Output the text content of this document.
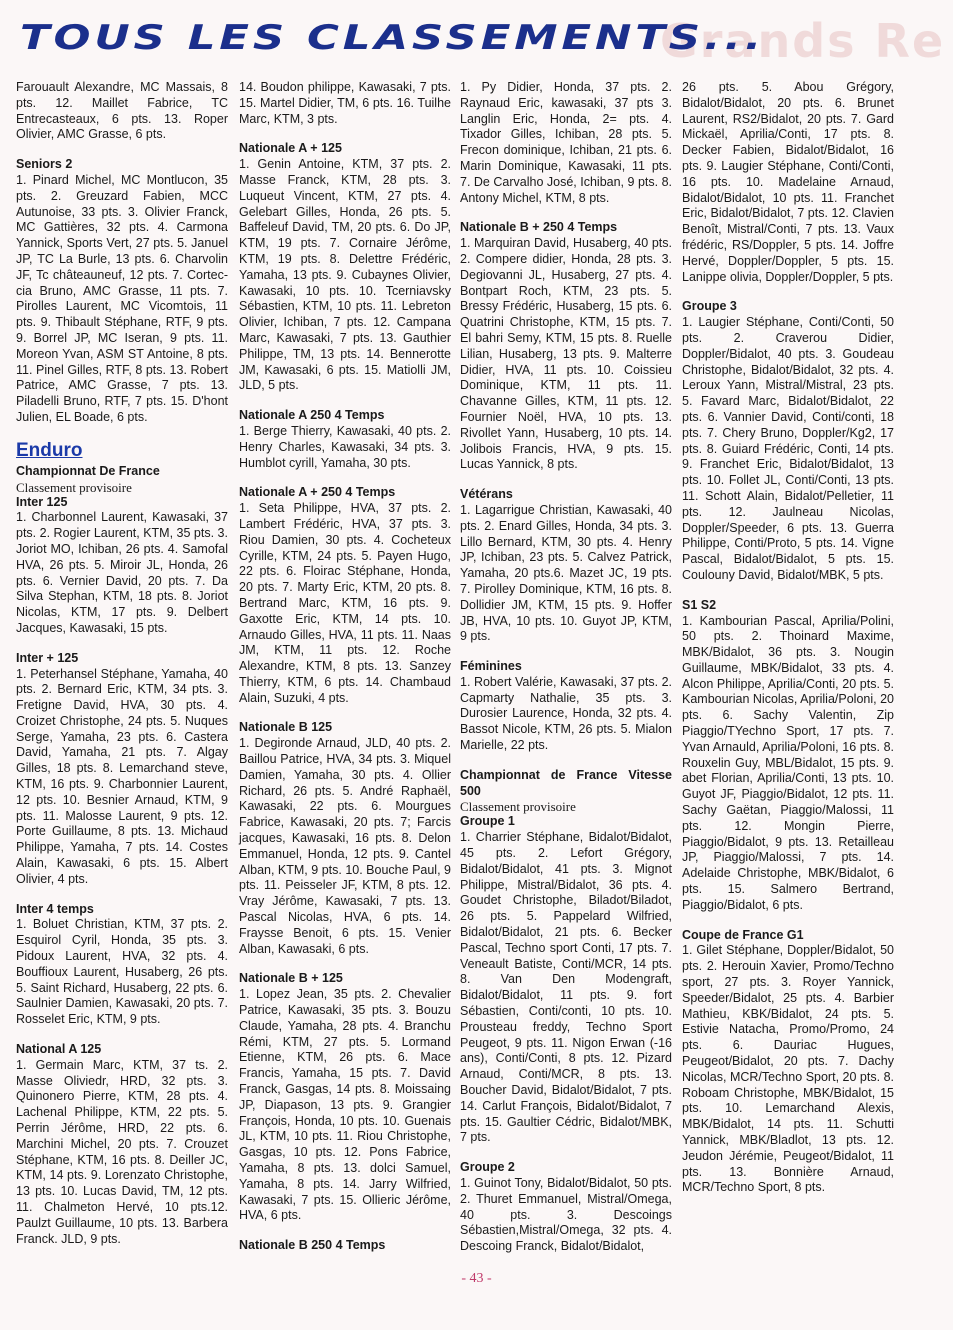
Grands Re
TOUS LES CLASSEMENTS...

Farouault Alexandre, MC Massais, 8 pts. 12. Maillet Fabrice, TC Entrecasteaux, 6 pts. 13. Roper Olivier, AMC Grasse, 6 pts.

Seniors 2

1. Pinard Michel, MC Montlucon, 35 pts. 2. Greuzard Fabien, MCC Autunoise, 33 pts. 3. Olivier Franck, MC Gattières, 32 pts. 4. Carmona Yannick, Sports Vert, 27 pts. 5. Januel JP, TC La Burle, 13 pts. 6. Charvolin JF, Tc châteauneuf, 12 pts. 7. Corteccia Bruno, AMC Grasse, 11 pts. 7. Pirolles Laurent, MC Vicomtois, 11 pts. 9. Thibault Stéphane, RTF, 9 pts. 9. Borrel JP, MC Iseran, 9 pts. 11. Moreon Yvan, ASM ST Antoine, 8 pts. 11. Pinel Gilles, RTF, 8 pts. 13. Robert Patrice, AMC Grasse, 7 pts. 13. Piladelli Bruno, RTF, 7 pts. 15. D'hont Julien, EL Boade, 6 pts.

Enduro
Championnat De France
Classement provisoire
Inter 125

1. Charbonnel Laurent, Kawasaki, 37 pts. 2. Rogier Laurent, KTM, 35 pts. 3. Joriot MO, Ichiban, 26 pts. 4. Samofal HVA, 26 pts. 5. Miroir JL, Honda, 26 pts. 6. Vernier David, 20 pts. 7. Da Silva Stephan, KTM, 18 pts. 8. Joriot Nicolas, KTM, 17 pts. 9. Delbert Jacques, Kawasaki, 15 pts.

Inter + 125

1. Peterhansel Stéphane, Yamaha, 40 pts. 2. Bernard Eric, KTM, 34 pts. 3. Fretigne David, HVA, 30 pts. 4. Croizet Christophe, 24 pts. 5. Nuques Serge, Yamaha, 23 pts. 6. Castera David, Yamaha, 21 pts. 7. Algay Gilles, 18 pts. 8. Lemarchand steve, KTM, 16 pts. 9. Charbonnier Laurent, 12 pts. 10. Besnier Arnaud, KTM, 9 pts. 11. Malosse Laurent, 9 pts. 12. Porte Guillaume, 8 pts. 13. Michaud Philippe, Yamaha, 7 pts. 14. Costes Alain, Kawasaki, 6 pts. 15. Albert Olivier, 4 pts.

Inter 4 temps

1. Boluet Christian, KTM, 37 pts. 2. Esquirol Cyril, Honda, 35 pts. 3. Pidoux Laurent, HVA, 32 pts. 4. Bouffioux Laurent, Husaberg, 26 pts. 5. Saint Richard, Husaberg, 22 pts. 6. Saulnier Damien, Kawasaki, 20 pts. 7. Rosselet Eric, KTM, 9 pts.

National A 125

1. Germain Marc, KTM, 37 ts. 2. Masse Oliviedr, HRD, 32 pts. 3. Quinonero Pierre, KTM, 28 pts. 4. Lachenal Philippe, KTM, 22 pts. 5. Perrin Jérôme, HRD, 22 pts. 6. Marchini Michel, 20 pts. 7. Crouzet Stéphane, KTM, 16 pts. 8. Deiller JC, KTM, 14 pts. 9. Lorenzato Christophe, 13 pts. 10. Lucas David, TM, 12 pts. 11. Chalmeton Hervé, 10 pts.12. Paulzt Guillaume, 10 pts. 13. Barbera Franck. JLD, 9 pts.

14. Boudon philippe, Kawasaki, 7 pts. 15. Martel Didier, TM, 6 pts. 16. Tuilhe Marc, KTM, 3 pts.

Nationale A + 125

1. Genin Antoine, KTM, 37 pts. 2. Masse Franck, KTM, 28 pts. 3. Luqueut Vincent, KTM, 27 pts. 4. Gelebart Gilles, Honda, 26 pts. 5. Baffeleuf David, TM, 20 pts. 6. Do JP, KTM, 19 pts. 7. Cornaire Jérôme, KTM, 19 pts. 8. Delettre Frédéric, Yamaha, 13 pts. 9. Cubaynes Olivier, Kawasaki, 10 pts. 10. Tcerniavsky Sébastien, KTM, 10 pts. 11. Lebreton Olivier, Ichiban, 7 pts. 12. Campana Marc, Kawasaki, 7 pts. 13. Gauthier Philippe, TM, 13 pts. 14. Bennerotte JM, Kawasaki, 6 pts. 15. Matiolli JM, JLD, 5 pts.

Nationale A 250 4 Temps

1. Berge Thierry, Kawasaki, 40 pts. 2. Henry Charles, Kawasaki, 34 pts. 3. Humblot cyrill, Yamaha, 30 pts.

Nationale A + 250 4 Temps

1. Seta Philippe, HVA, 37 pts. 2. Lambert Frédéric, HVA, 37 pts. 3. Riou Damien, 30 pts. 4. Cocheteux Cyrille, KTM, 24 pts. 5. Payen Hugo, 22 pts. 6. Floirac Stéphane, Honda, 20 pts. 7. Marty Eric, KTM, 20 pts. 8. Bertrand Marc, KTM, 16 pts. 9. Gaxotte Eric, KTM, 14 pts. 10. Arnaudo Gilles, HVA, 11 pts. 11. Naas JM, KTM, 11 pts. 12. Roche Alexandre, KTM, 8 pts. 13. Sanzey Thierry, KTM, 6 pts. 14. Chambaud Alain, Suzuki, 4 pts.

Nationale B 125

1. Degironde Arnaud, JLD, 40 pts. 2. Baillou Patrice, HVA, 34 pts. 3. Miquel Damien, Yamaha, 30 pts. 4. Ollier Richard, 26 pts. 5. André Raphaël, Kawasaki, 22 pts. 6. Mourgues Fabrice, Kawasaki, 20 pts. 7; Farcis jacques, Kawasaki, 16 pts. 8. Delon Emmanuel, Honda, 12 pts. 9. Cantel Alban, KTM, 9 pts. 10. Bouche Paul, 9 pts. 11. Peisseler JF, KTM, 8 pts. 12. Vray Jérôme, Kawasaki, 7 pts. 13. Pascal Nicolas, HVA, 6 pts. 14. Fraysse Benoit, 6 pts. 15. Venier Alban, Kawasaki, 6 pts.

Nationale B + 125

1. Lopez Jean, 35 pts. 2. Chevalier Patrice, Kawasaki, 35 pts. 3. Bouzu Claude, Yamaha, 28 pts. 4. Branchu Rémi, KTM, 27 pts. 5. Lormand Etienne, KTM, 26 pts. 6. Mace Francis, Yamaha, 15 pts. 7. David Franck, Gasgas, 14 pts. 8. Moissaing JP, Diapason, 13 pts. 9. Grangier François, Honda, 10 pts. 10. Guenais JL, KTM, 10 pts. 11. Riou Christophe, Gasgas, 10 pts. 12. Pons Fabrice, Yamaha, 8 pts. 13. dolci Samuel, Yamaha, 8 pts. 14. Jarry Wilfried, Kawasaki, 7 pts. 15. Ollieric Jérôme, HVA, 6 pts.

Nationale B 250 4 Temps

1. Py Didier, Honda, 37 pts. 2. Raynaud Eric, kawasaki, 37 pts 3. Langlin Eric, Honda, 2= pts. 4. Tixador Gilles, Ichiban, 28 pts. 5. Frecon dominique, Ichiban, 21 pts. 6. Marin Dominique, Kawasaki, 11 pts. 7. De Carvalho José, Ichiban, 9 pts. 8. Antony Michel, KTM, 8 pts.

Nationale B + 250 4 Temps

1. Marquiran David, Husaberg, 40 pts. 2. Compere didier, Honda, 28 pts. 3. Degiovanni JL, Husaberg, 27 pts. 4. Bontpart Roch, KTM, 23 pts. 5. Bressy Frédéric, Husaberg, 15 pts. 6. Quatrini Christophe, KTM, 15 pts. 7. El bahri Semy, KTM, 15 pts. 8. Ruelle Lilian, Husaberg, 13 pts. 9. Malterre Didier, HVA, 11 pts. 10. Coissieu Dominique, KTM, 11 pts. 11. Chavanne Gilles, KTM, 11 pts. 12. Fournier Noël, HVA, 10 pts. 13. Rivollet Yann, Husaberg, 10 pts. 14. Jolibois Francis, HVA, 9 pts. 15. Lucas Yannick, 8 pts.

Vétérans

1. Lagarrigue Christian, Kawasaki, 40 pts. 2. Enard Gilles, Honda, 34 pts. 3. Lillo Bernard, KTM, 30 pts. 4. Henry JP, Ichiban, 23 pts. 5. Calvez Patrick, Yamaha, 20 pts.6. Mazet JC, 19 pts. 7. Pirolley Dominique, KTM, 16 pts. 8. Dollidier JM, KTM, 15 pts. 9. Hoffer JB, HVA, 10 pts. 10. Guyot JP, KTM, 9 pts.

Féminines

1. Robert Valérie, Kawasaki, 37 pts. 2. Capmarty Nathalie, 35 pts. 3. Durosier Laurence, Honda, 32 pts. 4. Bassot Nicole, KTM, 26 pts. 5. Mialon Marielle, 22 pts.

Championnat de France Vitesse 500
Classement provisoire
Groupe 1

1. Charrier Stéphane, Bidalot/Bidalot, 45 pts. 2. Lefort Grégory, Bidalot/Bidalot, 41 pts. 3. Mignot Philippe, Mistral/Bidalot, 36 pts. 4. Goudet Christophe, Biladot/Biladot, 26 pts. 5. Pappelard Wilfried, Bidalot/Bidalot, 21 pts. 6. Becker Pascal, Techno sport Conti, 17 pts. 7. Veneault Batiste, Conti/MCR, 14 pts. 8. Van Den Modengraft, Bidalot/Bidalot, 11 pts. 9. fort Sébastien, Conti/conti, 10 pts. 10. Prousteau freddy, Techno Sport Peugeot, 9 pts. 11. Nigon Erwan (-16 ans), Conti/Conti, 8 pts. 12. Pizard Arnaud, Conti/MCR, 8 pts. 13. Boucher David, Bidalot/Bidalot, 7 pts. 14. Carlut François, Bidalot/Bidalot, 7 pts. 15. Gaultier Cédric, Bidalot/MBK, 7 pts.

Groupe 2

1. Guinot Tony, Bidalot/Bidalot, 50 pts. 2. Thuret Emmanuel, Mistral/Omega, 40 pts. 3. Descoings Sébastien,Mistral/Omega, 32 pts. 4. Descoing Franck, Bidalot/Bidalot,

26 pts. 5. Abou Grégory, Bidalot/Bidalot, 20 pts. 6. Brunet Laurent, RS2/Bidalot, 20 pts. 7. Gard Mickaël, Aprilia/Conti, 17 pts. 8. Decker Fabien, Bidalot/Bidalot, 16 pts. 9. Laugier Stéphane, Conti/Conti, 16 pts. 10. Madelaine Arnaud, Bidalot/Bidalot, 10 pts. 11. Franchet Eric, Bidalot/Bidalot, 7 pts. 12. Clavien Benoît, Mistral/Conti, 7 pts. 13. Vaux frédéric, RS/Doppler, 5 pts. 14. Joffre Hervé, Doppler/Doppler, 5 pts. 15. Lanippe olivia, Doppler/Doppler, 5 pts.

Groupe 3

1. Laugier Stéphane, Conti/Conti, 50 pts. 2. Craverou Didier, Doppler/Bidalot, 40 pts. 3. Goudeau Christophe, Bidalot/Bidalot, 32 pts. 4. Leroux Yann, Mistral/Mistral, 23 pts. 5. Favard Marc, Bidalot/Bidalot, 22 pts. 6. Vannier David, Conti/conti, 18 pts. 7. Chery Bruno, Doppler/Kg2, 17 pts. 8. Guiard Frédéric, Conti, 14 pts. 9. Franchet Eric, Bidalot/Bidalot, 13 pts. 10. Follet JL, Conti/Conti, 13 pts. 11. Schott Alain, Bidalot/Pelletier, 11 pts. 12. Jaulneau Nicolas, Doppler/Speeder, 6 pts. 13. Guerra Philippe, Conti/Proto, 5 pts. 14. Vigne Pascal, Bidalot/Bidalot, 5 pts. 15. Coulouny David, Bidalot/MBK, 5 pts.

S1 S2

1. Kambourian Pascal, Aprilia/Polini, 50 pts. 2. Thoinard Maxime, MBK/Bidalot, 36 pts. 3. Nougin Guillaume, MBK/Bidalot, 33 pts. 4. Alcon Philippe, Aprilia/Conti, 20 pts. 5. Kambourian Nicolas, Aprilia/Poloni, 20 pts. 6. Sachy Valentin, Zip Piaggio/TYechno Sport, 17 pts. 7. Yvan Arnauld, Aprilia/Poloni, 16 pts. 8. Rouxelin Guy, MBL/Bidalot, 15 pts. 9. abet Florian, Aprilia/Conti, 13 pts. 10. Guyot JF, Piaggio/Bidalot, 12 pts. 11. Sachy Gaëtan, Piaggio/Malossi, 11 pts. 12. Mongin Pierre, Piaggio/Bidalot, 9 pts. 13. Retailleau JP, Piaggio/Malossi, 7 pts. 14. Adelaide Christophe, MBK/Bidalot, 6 pts. 15. Salmero Bertrand, Piaggio/Bidalot, 6 pts.

Coupe de France G1

1. Gilet Stéphane, Doppler/Bidalot, 50 pts. 2. Herouin Xavier, Promo/Techno sport, 27 pts. 3. Royer Yannick, Speeder/Bidalot, 25 pts. 4. Barbier Mathieu, KBK/Bidalot, 24 pts. 5. Estivie Natacha, Promo/Promo, 24 pts. 6. Dauriac Hugues, Peugeot/Bidalot, 20 pts. 7. Dachy Nicolas, MCR/Techno Sport, 20 pts. 8. Roboam Christophe, MBK/Bidalot, 15 pts. 10. Lemarchand Alexis, MBK/Bidalot, 14 pts. 11. Schutti Yannick, MBK/Bladlot, 13 pts. 12. Jeudon Jérémie, Peugeot/Bidalot, 11 pts. 13. Bonnière Arnaud, MCR/Techno Sport, 8 pts.

- 43 -
